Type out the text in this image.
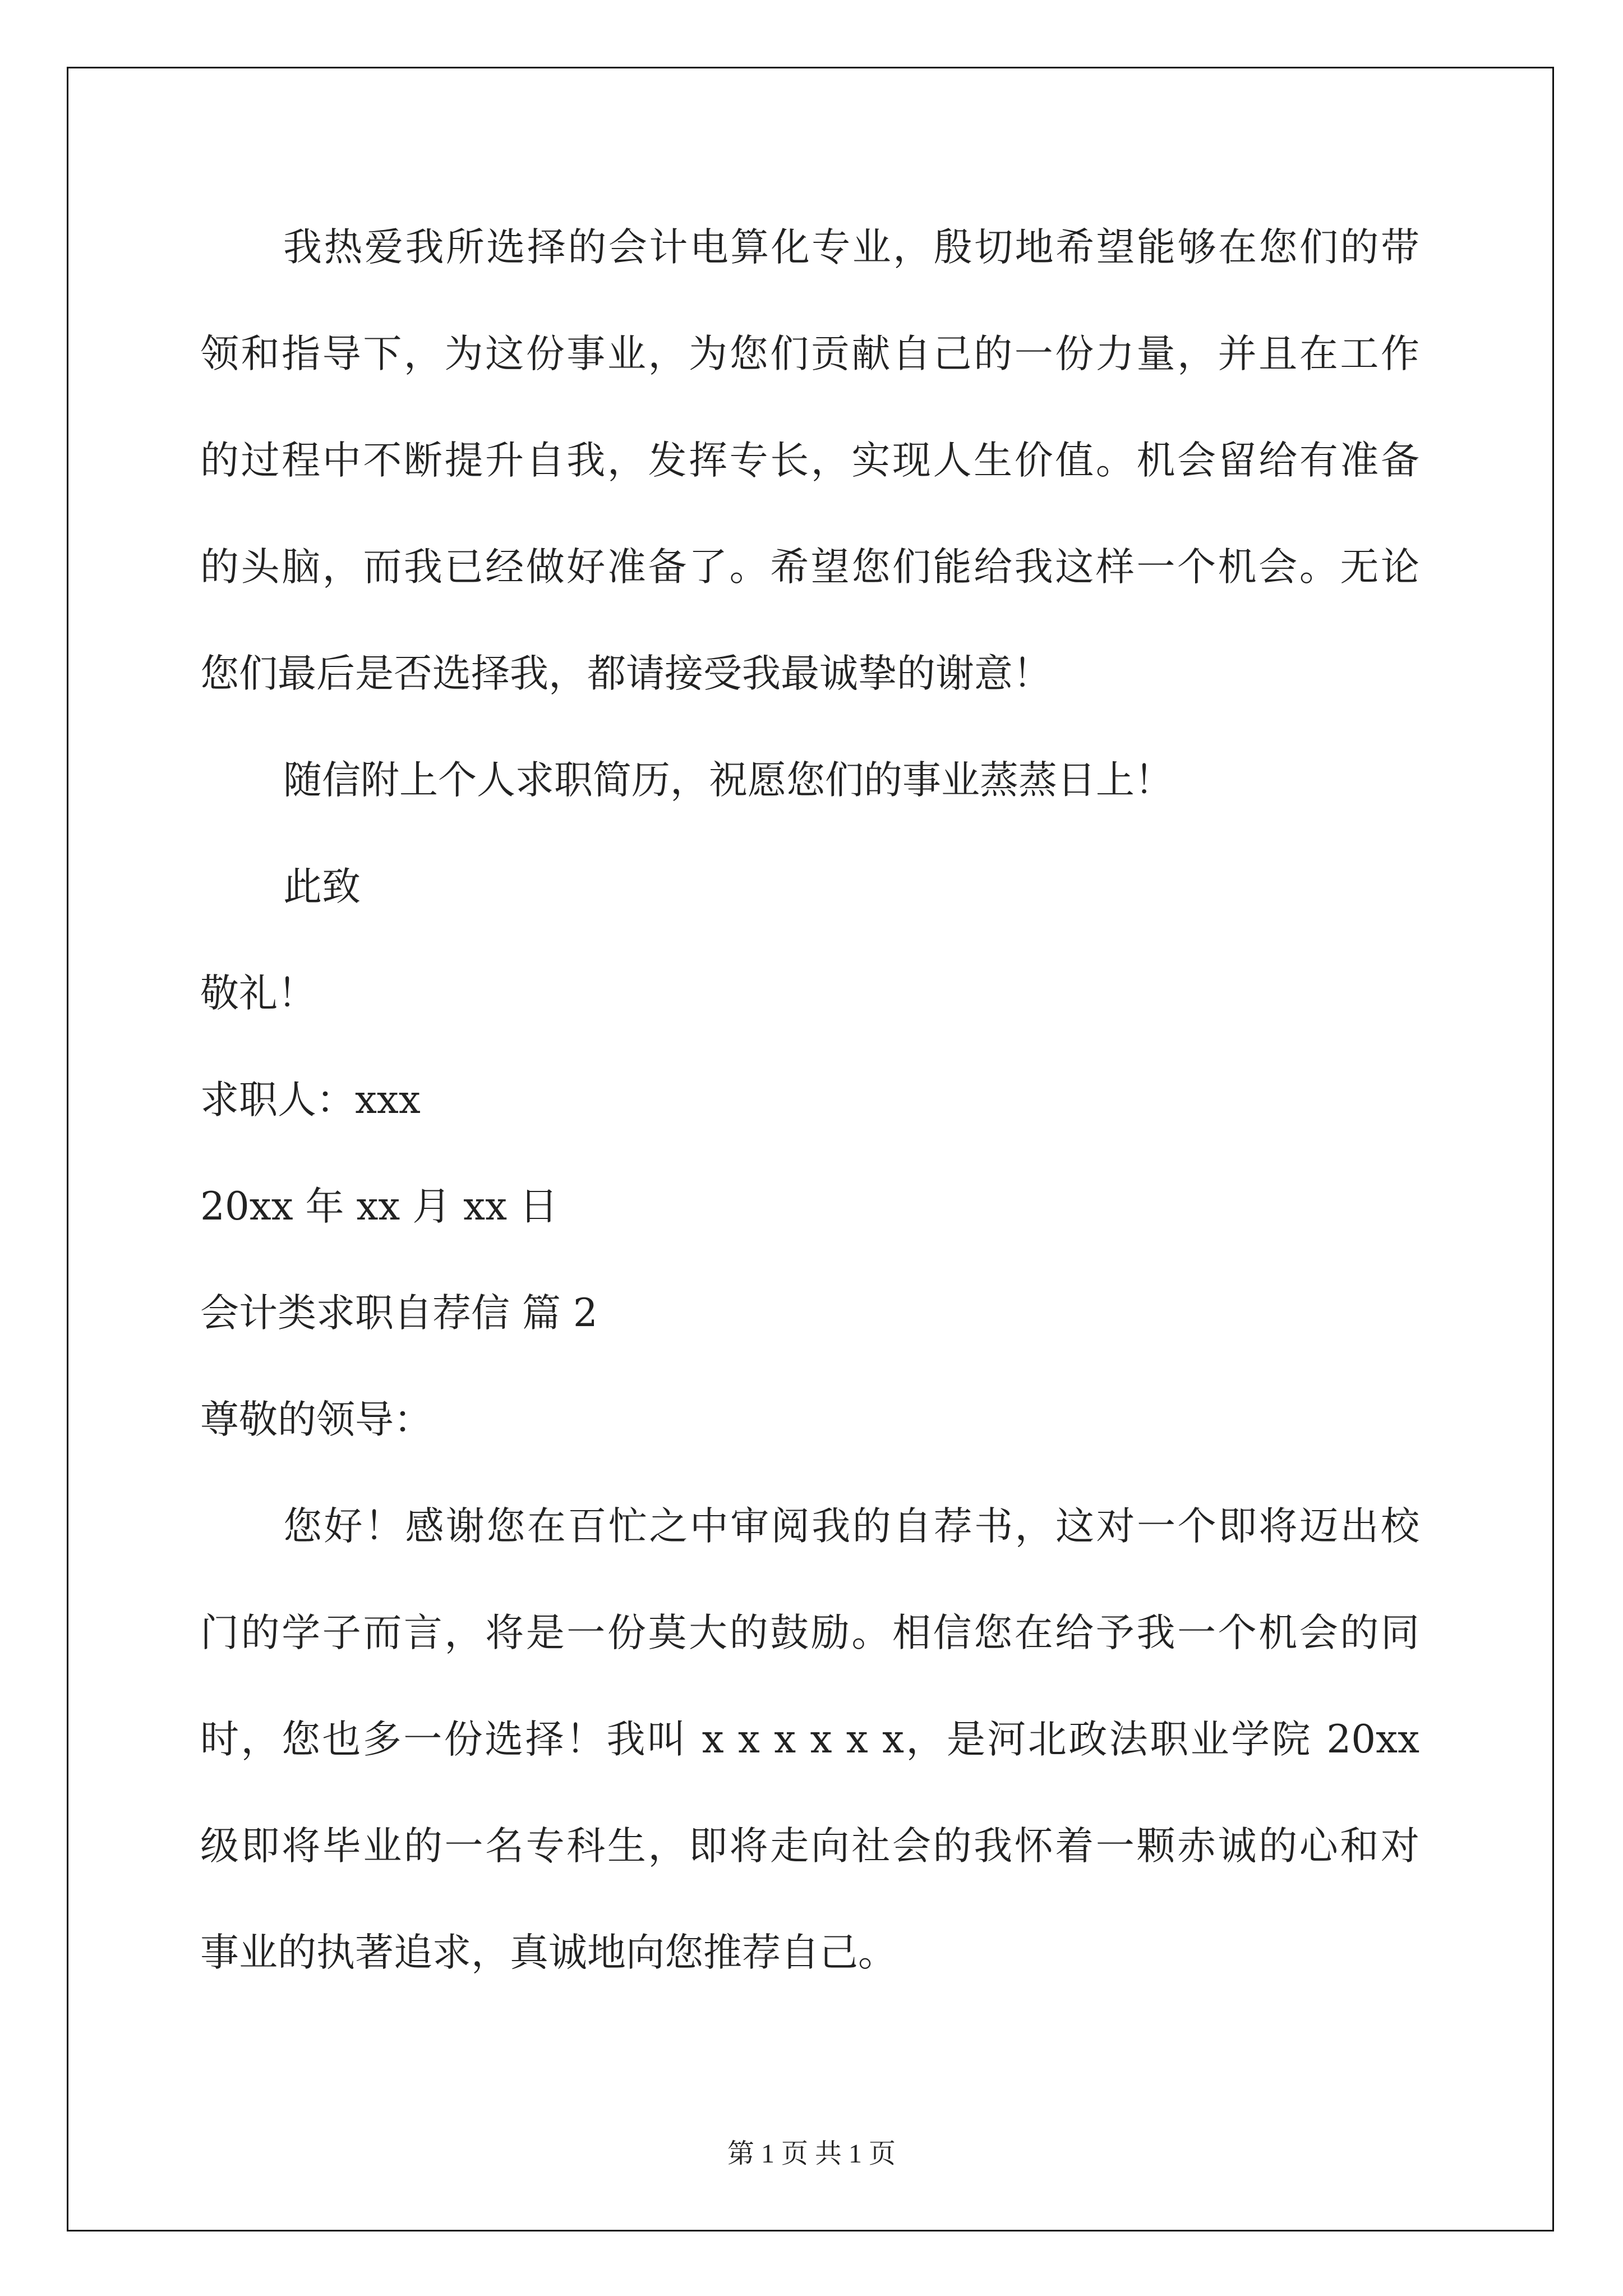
我热爱我所选择的会计电算化专业，殷切地希望能够在您们的带
领和指导下，为这份事业，为您们贡献自己的一份力量，并且在工作
的过程中不断提升自我，发挥专长，实现人生价值。机会留给有准备
的头脑，而我已经做好准备了。希望您们能给我这样一个机会。无论
您们最后是否选择我，都请接受我最诚挚的谢意！
随信附上个人求职简历，祝愿您们的事业蒸蒸日上！
此致
敬礼！
求职人：xxx
20xx 年 xx 月 xx 日
会计类求职自荐信 篇 2
尊敬的领导：
您好！感谢您在百忙之中审阅我的自荐书，这对一个即将迈出校
门的学子而言，将是一份莫大的鼓励。相信您在给予我一个机会的同
时，您也多一份选择！我叫 x x x x x x，是河北政法职业学院 20xx
级即将毕业的一名专科生，即将走向社会的我怀着一颗赤诚的心和对
事业的执著追求，真诚地向您推荐自己。
第 1 页 共 1 页
